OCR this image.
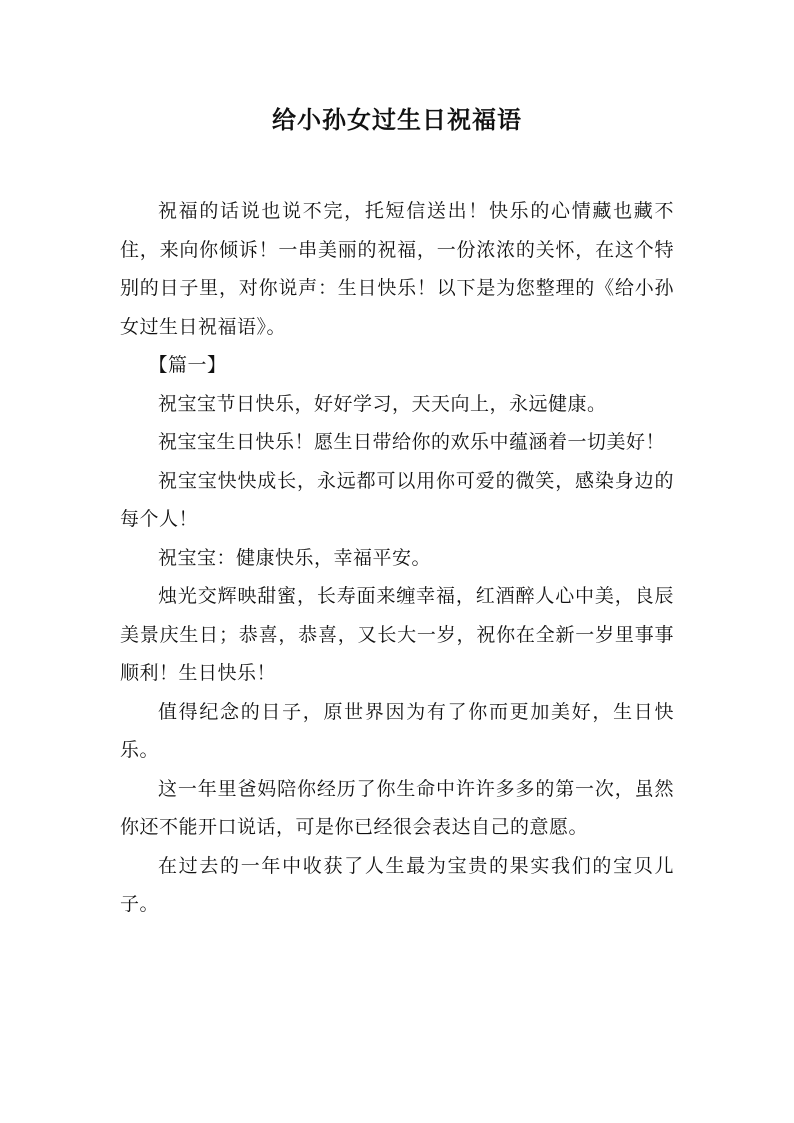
给小孙女过生日祝福语

祝福的话说也说不完，托短信送出！快乐的心情藏也藏不住，来向你倾诉！一串美丽的祝福，一份浓浓的关怀，在这个特别的日子里，对你说声：生日快乐！以下是为您整理的《给小孙女过生日祝福语》。

【篇一】

祝宝宝节日快乐，好好学习，天天向上，永远健康。

祝宝宝生日快乐！愿生日带给你的欢乐中蕴涵着一切美好！

祝宝宝快快成长，永远都可以用你可爱的微笑，感染身边的每个人！

祝宝宝：健康快乐，幸福平安。

烛光交辉映甜蜜，长寿面来缠幸福，红酒醉人心中美，良辰美景庆生日；恭喜，恭喜，又长大一岁，祝你在全新一岁里事事顺利！生日快乐！

值得纪念的日子，原世界因为有了你而更加美好，生日快乐。

这一年里爸妈陪你经历了你生命中许许多多的第一次，虽然你还不能开口说话，可是你已经很会表达自己的意愿。

在过去的一年中收获了人生最为宝贵的果实我们的宝贝儿子。
